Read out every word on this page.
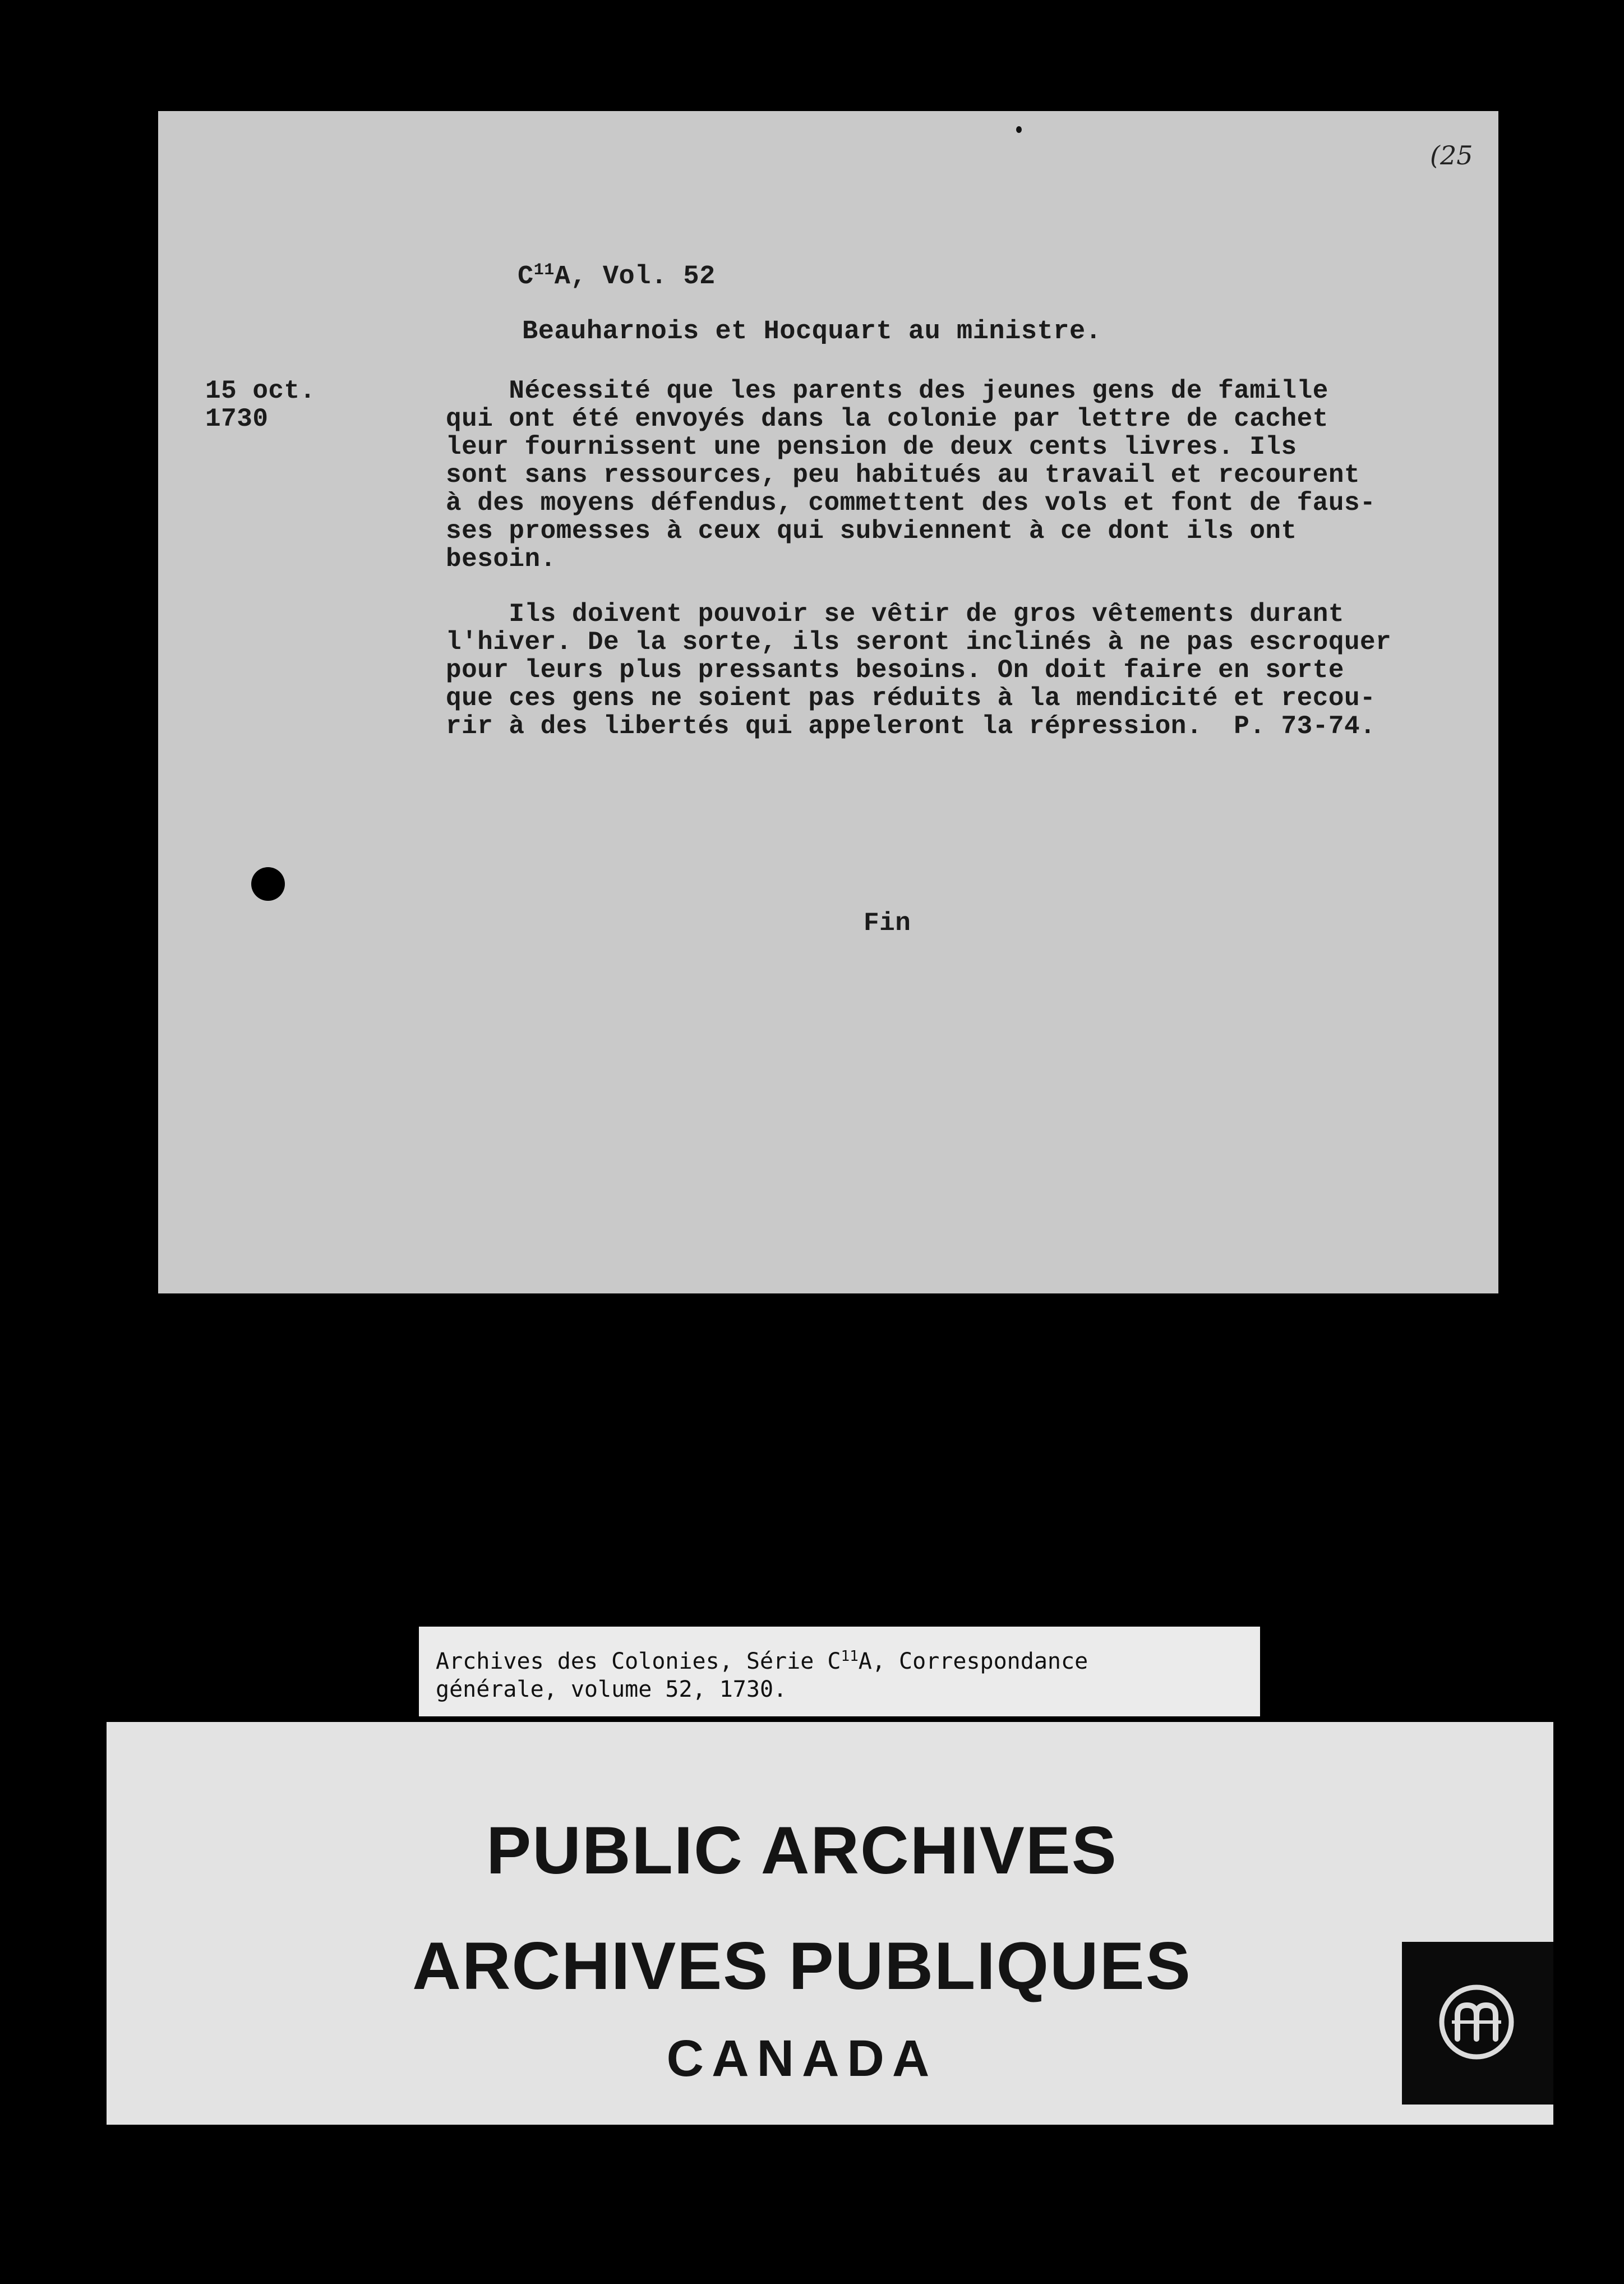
(25
$C^{11}A$, Vol. 52
Beauharnois et Hocquart au ministre.
15 oct.
1730
Nécessité que les parents des jeunes gens de famille
qui ont été envoyés dans la colonie par lettre de cachet
leur fournissent une pension de deux cents livres. Ils
sont sans ressources, peu habitués au travail et recourent
à des moyens défendus, commettent des vols et font de faus-
ses promesses à ceux qui subviennent à ce dont ils ont
besoin.
Ils doivent pouvoir se vêtir de gros vêtements durant
l'hiver. De la sorte, ils seront inclinés à ne pas escroquer
pour leurs plus pressants besoins. On doit faire en sorte
que ces gens ne soient pas réduits à la mendicité et recou-
rir à des libertés qui appeleront la répression.  P. 73-74.
Fin
Archives des Colonies, Série $C^{11}A$, Correspondance
générale, volume 52, 1730.
PUBLIC ARCHIVES
ARCHIVES PUBLIQUES
CANADA
